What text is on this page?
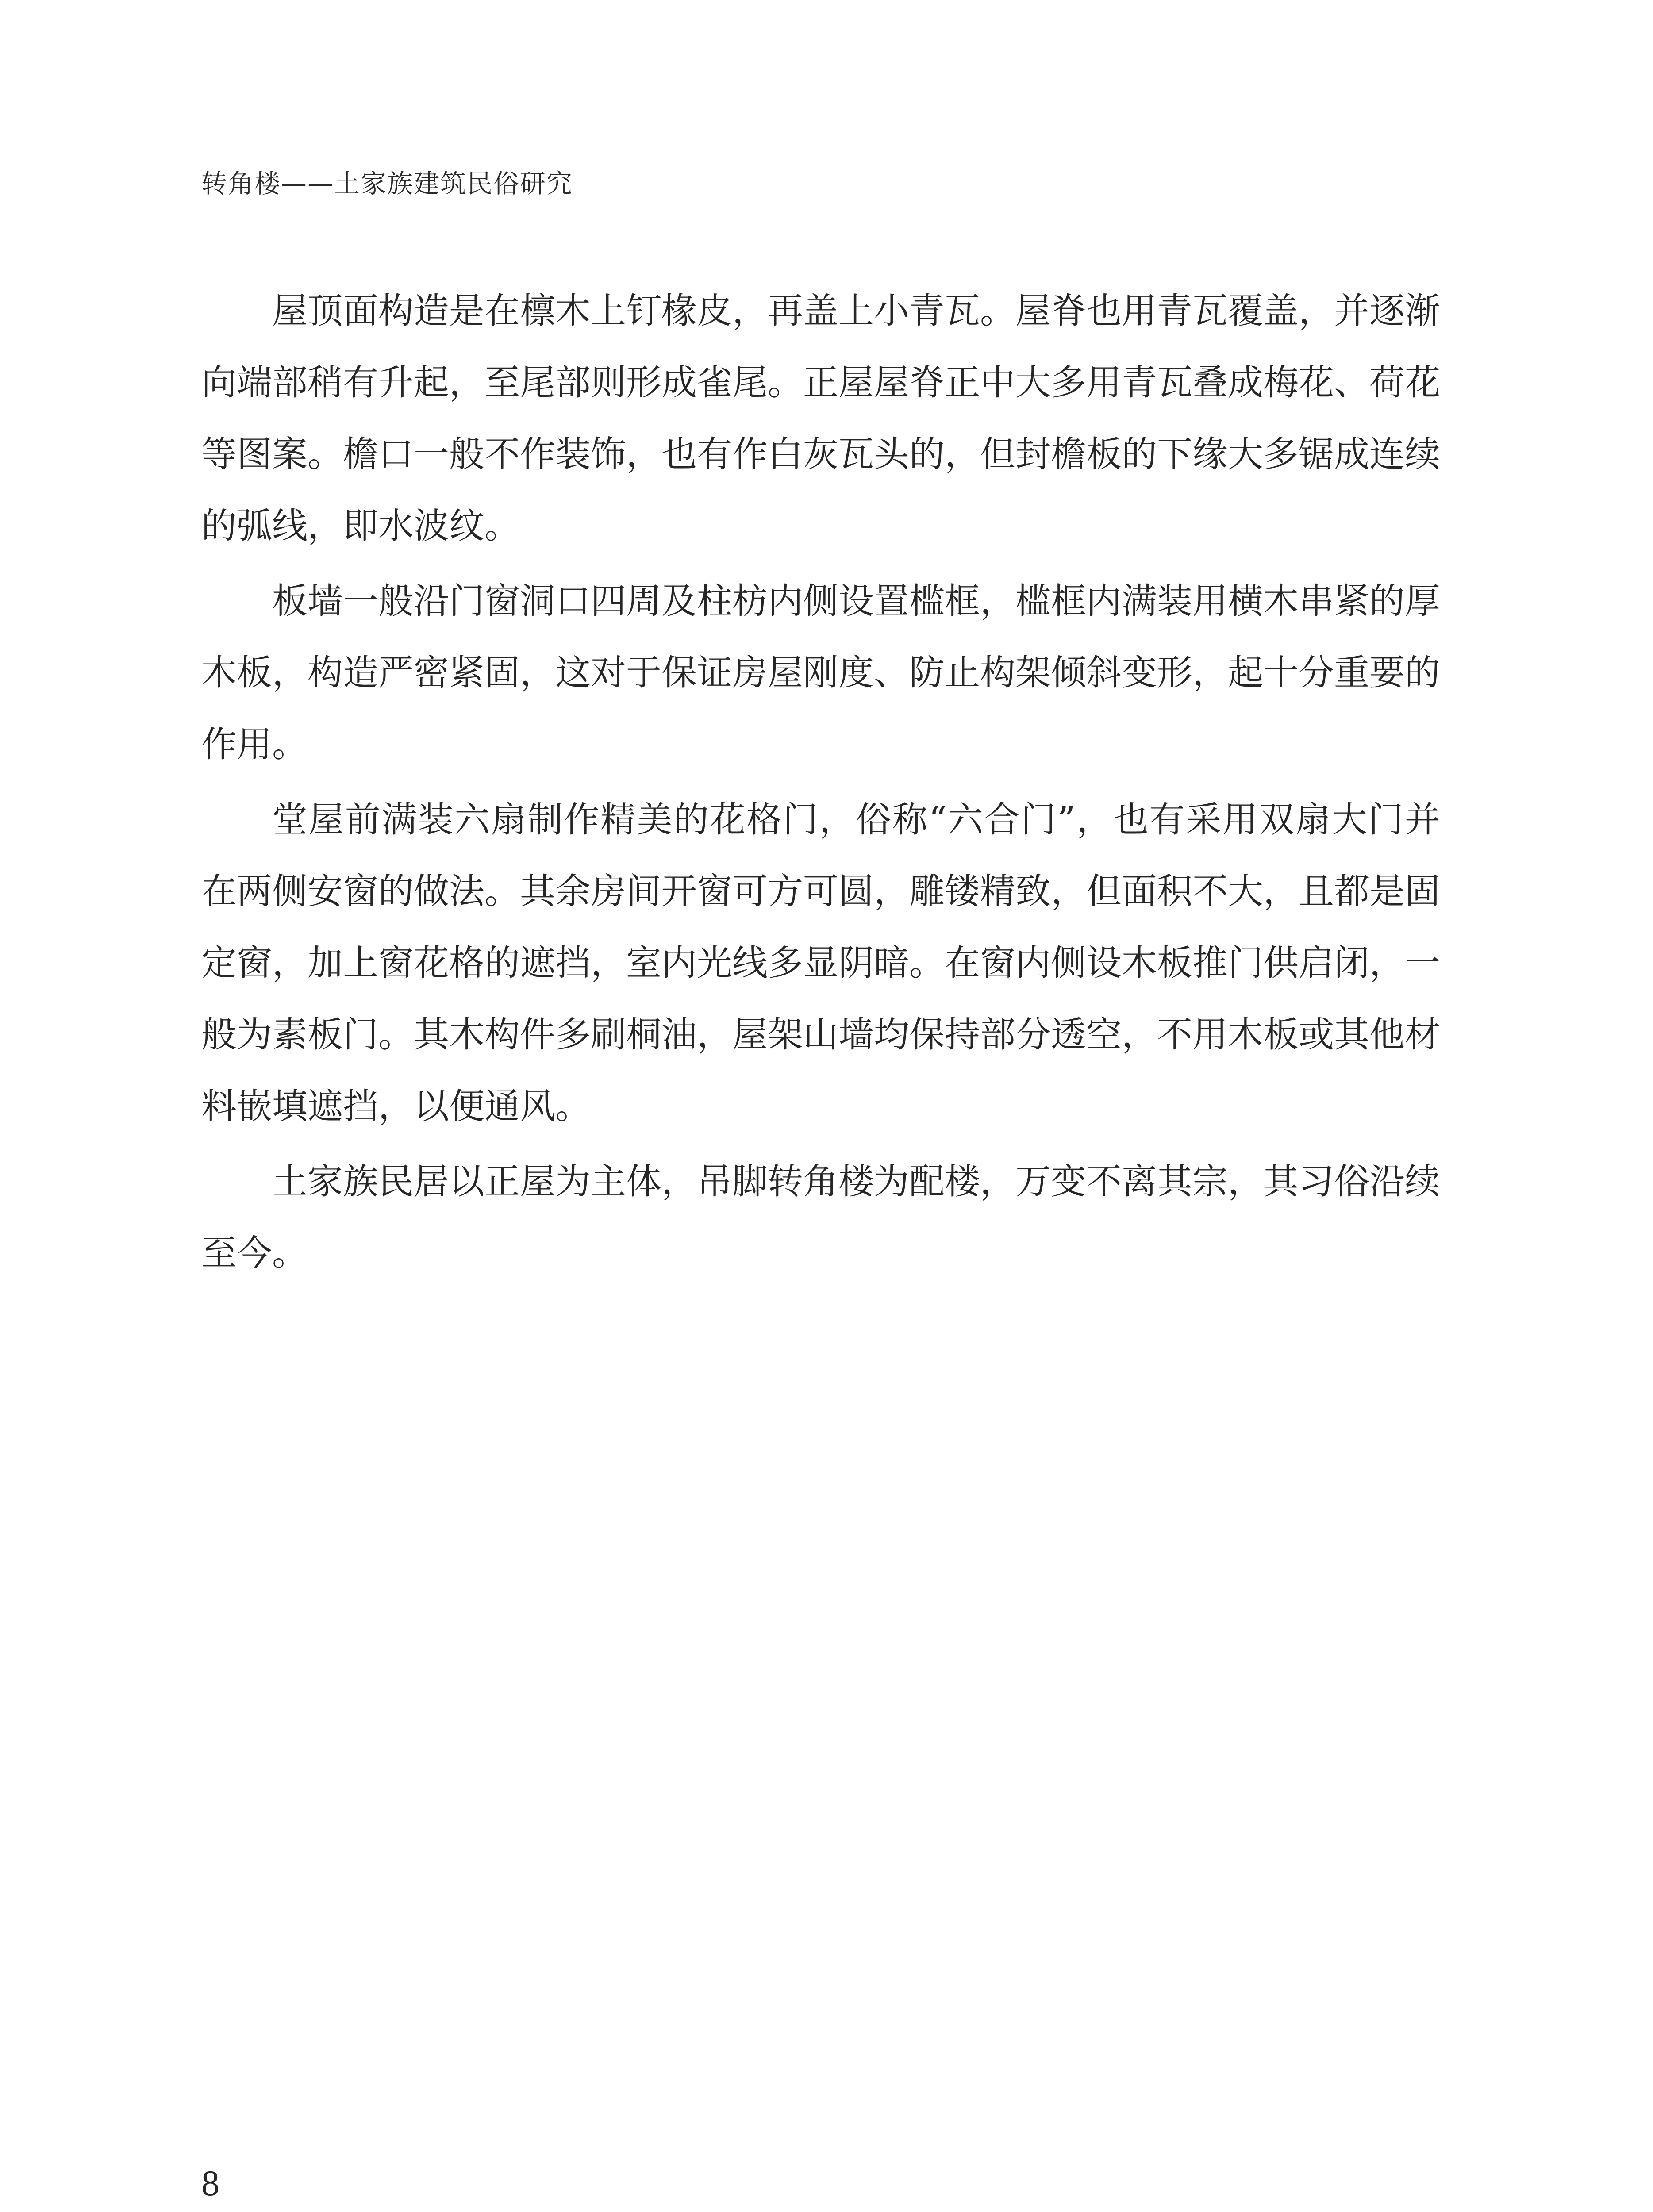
转角楼——土家族建筑民俗研究

屋顶面构造是在檩木上钉椽皮，再盖上小青瓦。屋脊也用青瓦覆盖，并逐渐向端部稍有升起，至尾部则形成雀尾。正屋屋脊正中大多用青瓦叠成梅花、荷花等图案。檐口一般不作装饰，也有作白灰瓦头的，但封檐板的下缘大多锯成连续的弧线，即水波纹。

板墙一般沿门窗洞口四周及柱枋内侧设置槛框，槛框内满装用横木串紧的厚木板，构造严密紧固，这对于保证房屋刚度、防止构架倾斜变形，起十分重要的作用。

堂屋前满装六扇制作精美的花格门，俗称“六合门”，也有采用双扇大门并在两侧安窗的做法。其余房间开窗可方可圆，雕镂精致，但面积不大，且都是固定窗，加上窗花格的遮挡，室内光线多显阴暗。在窗内侧设木板推门供启闭，一般为素板门。其木构件多刷桐油，屋架山墙均保持部分透空，不用木板或其他材料嵌填遮挡，以便通风。

土家族民居以正屋为主体，吊脚转角楼为配楼，万变不离其宗，其习俗沿续至今。

8
